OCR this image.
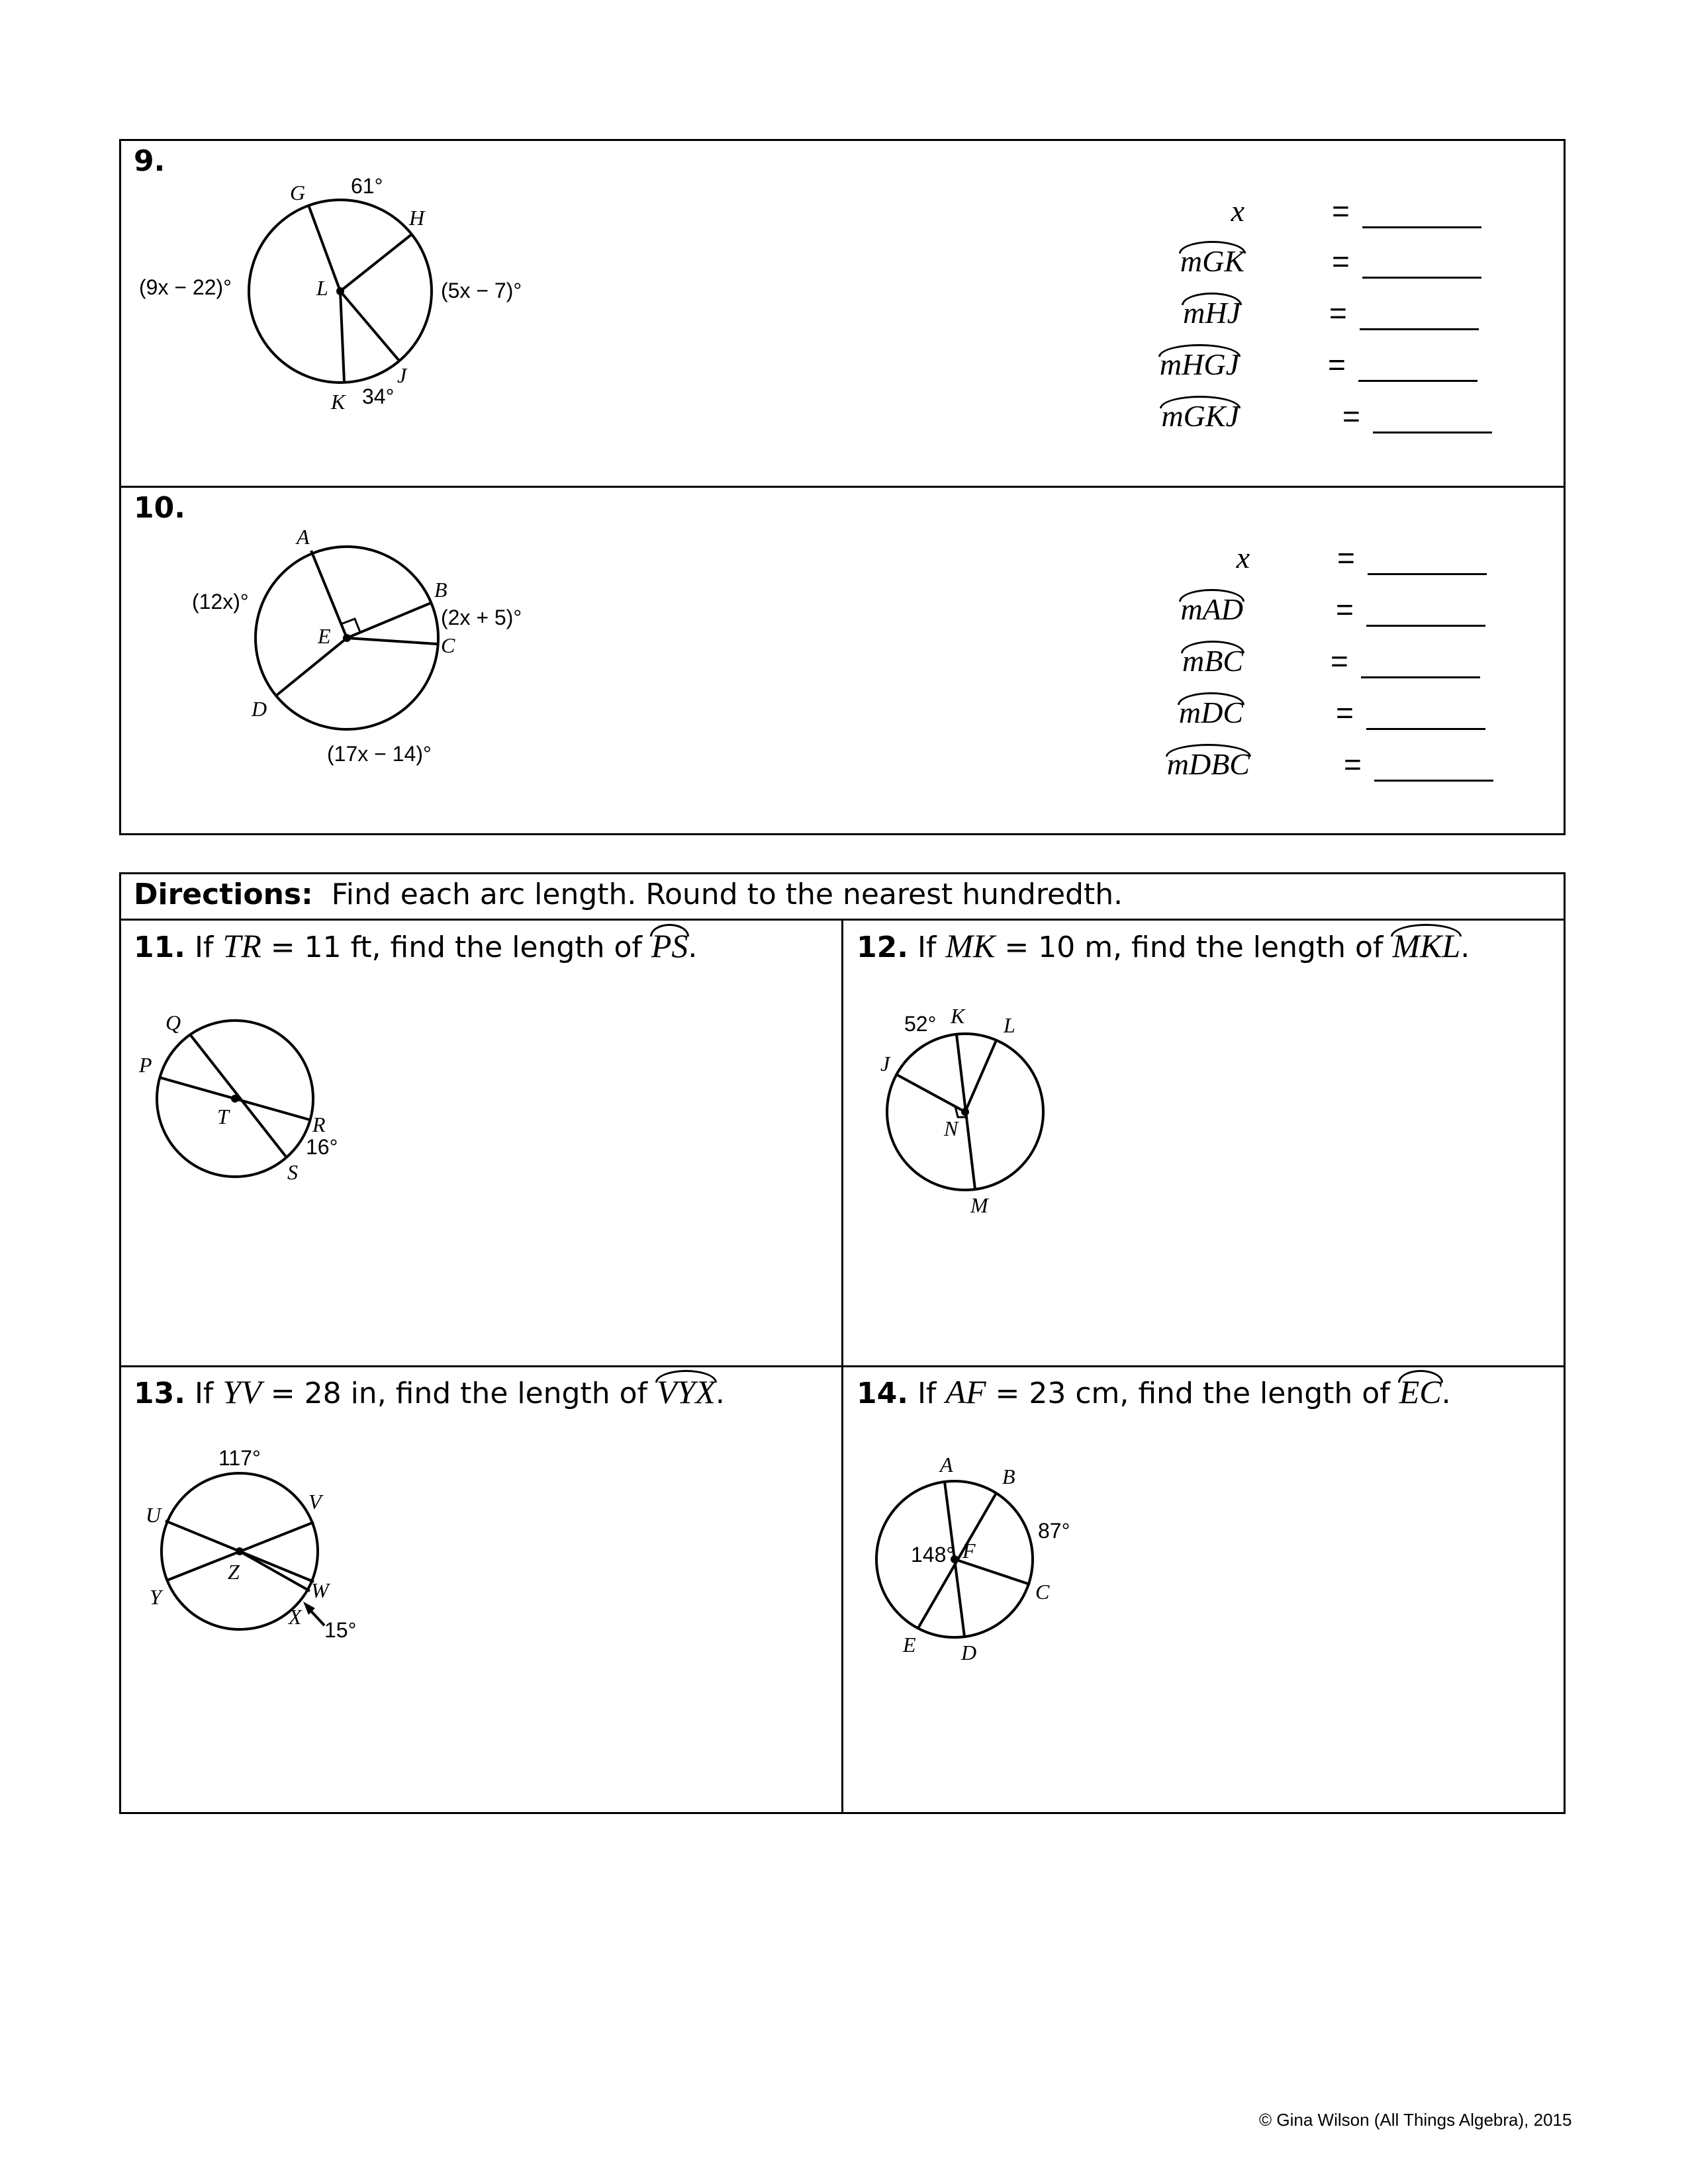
9.
G
H
L
J
K
61°
(9x − 22)°	(5x − 7)°
34°
x	=
mGK	=
mHJ	=
mHGJ	=
mGKJ	=
10.
A
B
C
D
E
(12x)°
(2x + 5)°
(17x − 14)°
x	=
mAD	=
mBC	=
mDC	=
mDBC	=
Directions: Find each arc length. Round to the nearest hundredth.
11. If TR = 11 ft, find the length of PS.
Q
P
T	R
S
16°
12. If MK = 10 m, find the length of MKL.
K L
J
N
M
52°
13. If YV = 28 in, find the length of VYX.
U
V
Z
W
X
Y
117°
15°
14. If AF = 23 cm, find the length of EC.
A B
F
C
E D
87°
148°
© Gina Wilson (All Things Algebra), 2015
